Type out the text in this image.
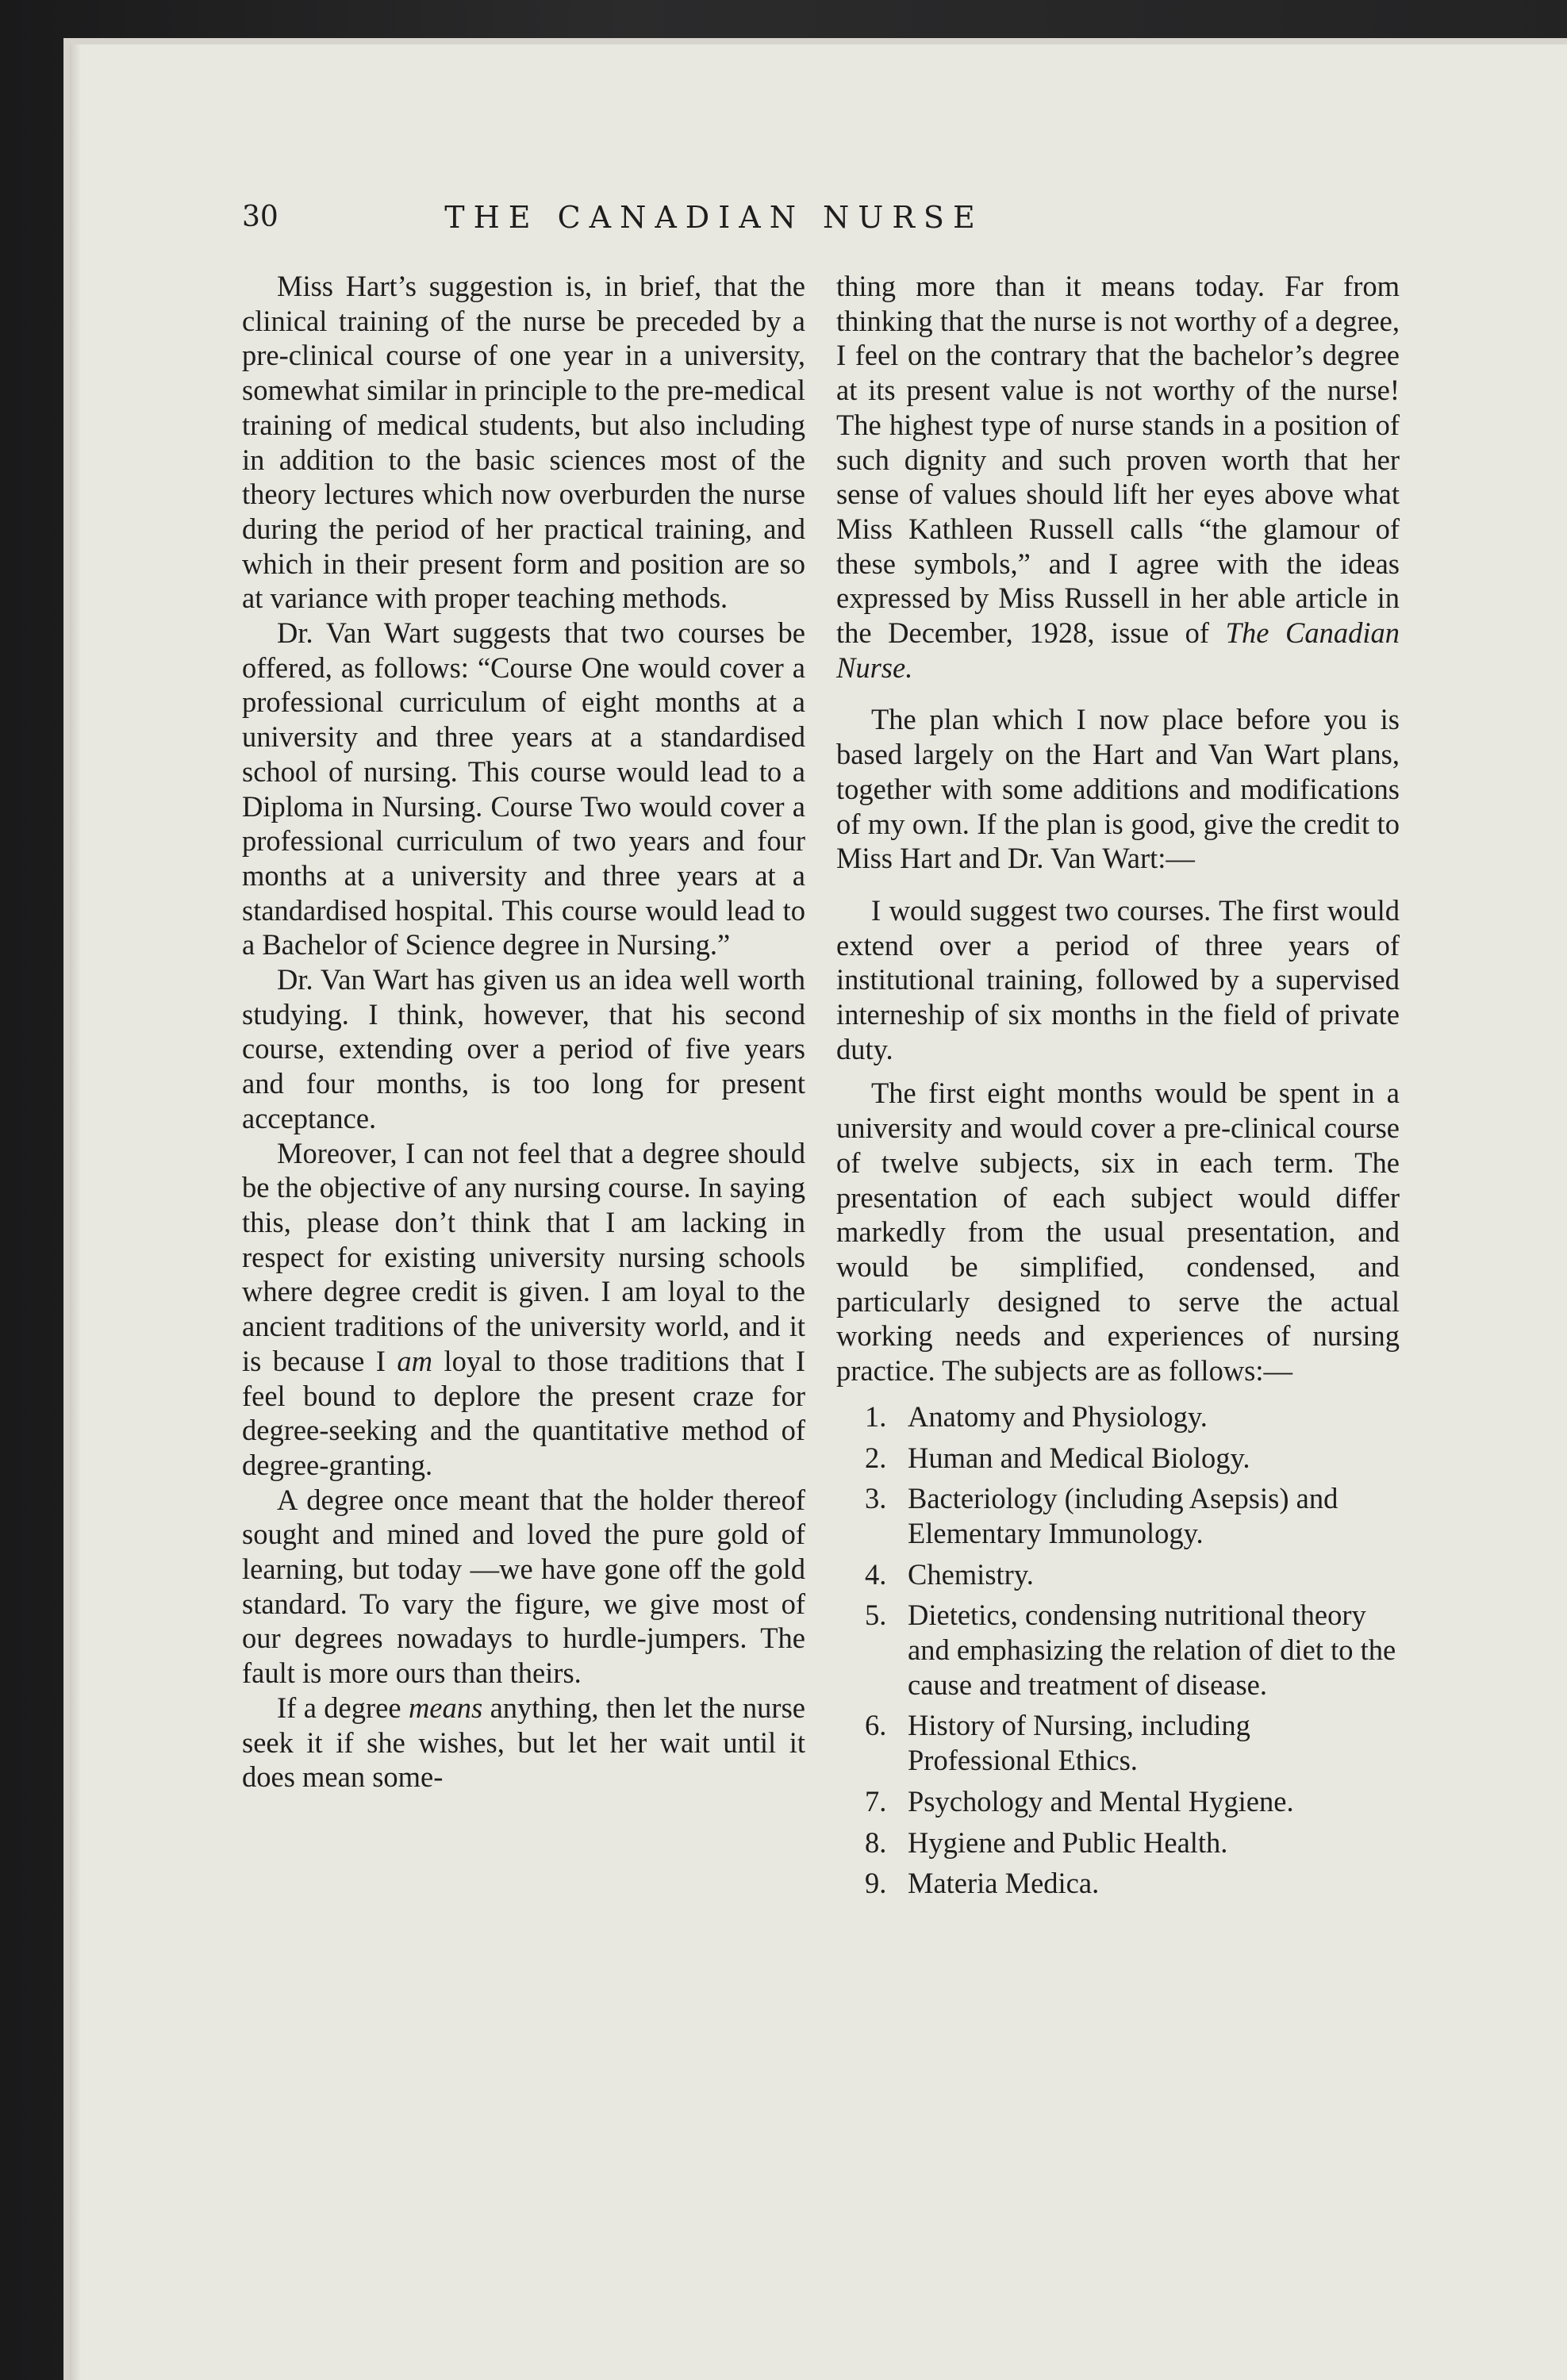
30	THE CANADIAN NURSE

Miss Hart’s suggestion is, in brief, that the clinical training of the nurse be preceded by a pre-clinical course of one year in a university, somewhat similar in principle to the pre-medical training of medical students, but also including in addition to the basic sciences most of the theory lectures which now overburden the nurse during the period of her practical training, and which in their present form and position are so at variance with proper teaching methods.

Dr. Van Wart suggests that two courses be offered, as follows: “Course One would cover a professional curriculum of eight months at a university and three years at a standardised school of nursing. This course would lead to a Diploma in Nursing. Course Two would cover a professional curriculum of two years and four months at a university and three years at a standardised hospital. This course would lead to a Bachelor of Science degree in Nursing.”

Dr. Van Wart has given us an idea well worth studying. I think, however, that his second course, extending over a period of five years and four months, is too long for present acceptance.

Moreover, I can not feel that a degree should be the objective of any nursing course. In saying this, please don’t think that I am lacking in respect for existing university nursing schools where degree credit is given. I am loyal to the ancient traditions of the university world, and it is because I am loyal to those traditions that I feel bound to deplore the present craze for degree-seeking and the quantitative method of degree-granting.

A degree once meant that the holder thereof sought and mined and loved the pure gold of learning, but today —we have gone off the gold standard. To vary the figure, we give most of our degrees nowadays to hurdle-jumpers. The fault is more ours than theirs.

If a degree means anything, then let the nurse seek it if she wishes, but let her wait until it does mean some-

thing more than it means today. Far from thinking that the nurse is not worthy of a degree, I feel on the contrary that the bachelor’s degree at its present value is not worthy of the nurse! The highest type of nurse stands in a position of such dignity and such proven worth that her sense of values should lift her eyes above what Miss Kathleen Russell calls “the glamour of these symbols,” and I agree with the ideas expressed by Miss Russell in her able article in the December, 1928, issue of The Canadian Nurse.

The plan which I now place before you is based largely on the Hart and Van Wart plans, together with some additions and modifications of my own. If the plan is good, give the credit to Miss Hart and Dr. Van Wart:—

I would suggest two courses. The first would extend over a period of three years of institutional training, followed by a supervised interneship of six months in the field of private duty.

The first eight months would be spent in a university and would cover a pre-clinical course of twelve subjects, six in each term. The presentation of each subject would differ markedly from the usual presentation, and would be simplified, condensed, and particularly designed to serve the actual working needs and experiences of nursing practice. The subjects are as follows:—

1. Anatomy and Physiology.
2. Human and Medical Biology.
3. Bacteriology (including Asepsis) and Elementary Immunology.
4. Chemistry.
5. Dietetics, condensing nutritional theory and emphasizing the relation of diet to the cause and treatment of disease.
6. History of Nursing, including Professional Ethics.
7. Psychology and Mental Hygiene.
8. Hygiene and Public Health.
9. Materia Medica.
